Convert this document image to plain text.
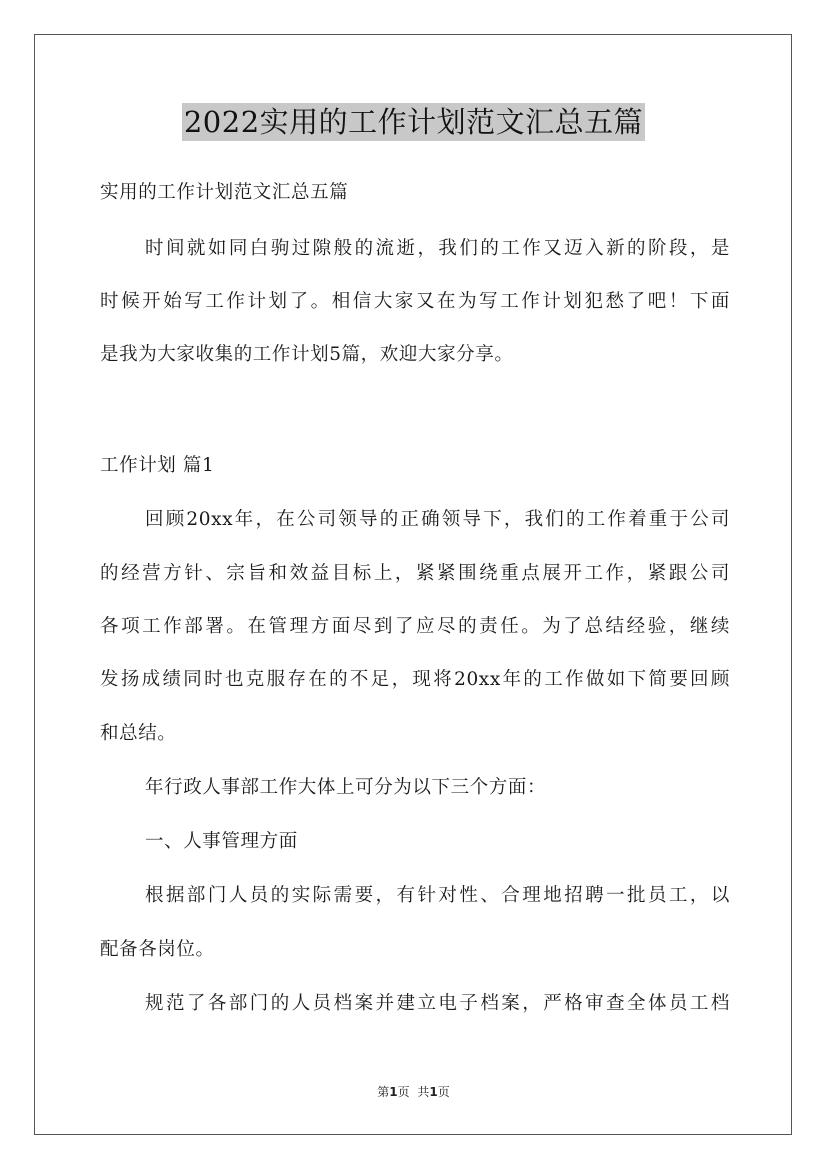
2022实用的工作计划范文汇总五篇
实用的工作计划范文汇总五篇
时间就如同白驹过隙般的流逝，我们的工作又迈入新的阶段，是
时候开始写工作计划了。相信大家又在为写工作计划犯愁了吧！下面
是我为大家收集的工作计划5篇，欢迎大家分享。
工作计划 篇1
回顾20xx年，在公司领导的正确领导下，我们的工作着重于公司
的经营方针、宗旨和效益目标上，紧紧围绕重点展开工作，紧跟公司
各项工作部署。在管理方面尽到了应尽的责任。为了总结经验，继续
发扬成绩同时也克服存在的不足，现将20xx年的工作做如下简要回顾
和总结。
年行政人事部工作大体上可分为以下三个方面：
一、人事管理方面
根据部门人员的实际需要，有针对性、合理地招聘一批员工，以
配备各岗位。
规范了各部门的人员档案并建立电子档案，严格审查全体员工档
第1页 共1页
